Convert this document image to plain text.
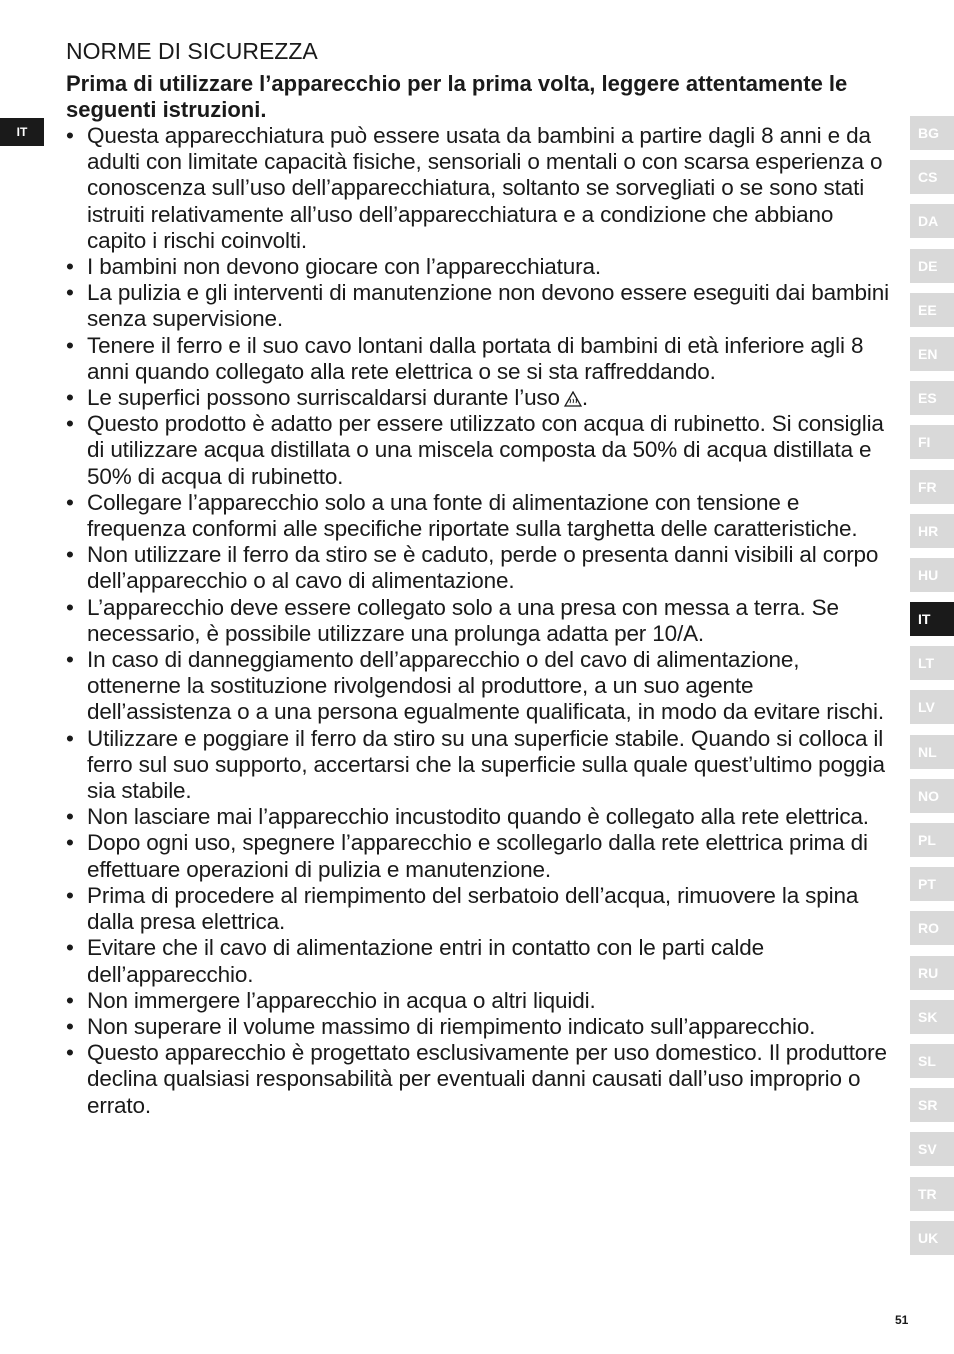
IT
NORME DI SICUREZZA

Prima di utilizzare l’apparecchio per la prima volta, leggere attentamente le seguenti istruzioni.

• Questa apparecchiatura può essere usata da bambini a partire dagli 8 anni e da adulti con limitate capacità fisiche, sensoriali o mentali o con scarsa esperienza o conoscenza sull’uso dell’apparecchiatura, soltanto se sorvegliati o se sono stati istruiti relativamente all’uso dell’apparecchiatura e a condizione che abbiano capito i rischi coinvolti.
• I bambini non devono giocare con l’apparecchiatura.
• La pulizia e gli interventi di manutenzione non devono essere eseguiti dai bambini senza supervisione.
• Tenere il ferro e il suo cavo lontani dalla portata di bambini di età inferiore agli 8 anni quando collegato alla rete elettrica o se si sta raffreddando.
• Le superfici possono surriscaldarsi durante l’uso .
• Questo prodotto è adatto per essere utilizzato con acqua di rubinetto. Si consiglia di utilizzare acqua distillata o una miscela composta da 50% di acqua distillata e 50% di acqua di rubinetto.
• Collegare l’apparecchio solo a una fonte di alimentazione con tensione e frequenza conformi alle specifiche riportate sulla targhetta delle caratteristiche.
• Non utilizzare il ferro da stiro se è caduto, perde o presenta danni visibili al corpo dell’apparecchio o al cavo di alimentazione.
• L’apparecchio deve essere collegato solo a una presa con messa a terra. Se necessario, è possibile utilizzare una prolunga adatta per 10/A.
• In caso di danneggiamento dell’apparecchio o del cavo di alimentazione, ottenerne la sostituzione rivolgendosi al produttore, a un suo agente dell’assistenza o a una persona egualmente qualificata, in modo da evitare rischi.
• Utilizzare e poggiare il ferro da stiro su una superficie stabile. Quando si colloca il ferro sul suo supporto, accertarsi che la superficie sulla quale quest’ultimo poggia sia stabile.
• Non lasciare mai l’apparecchio incustodito quando è collegato alla rete elettrica.
• Dopo ogni uso, spegnere l’apparecchio e scollegarlo dalla rete elettrica prima di effettuare operazioni di pulizia e manutenzione.
• Prima di procedere al riempimento del serbatoio dell’acqua, rimuovere la spina dalla presa elettrica.
• Evitare che il cavo di alimentazione entri in contatto con le parti calde dell’apparecchio.
• Non immergere l’apparecchio in acqua o altri liquidi.
• Non superare il volume massimo di riempimento indicato sull’apparecchio.
• Questo apparecchio è progettato esclusivamente per uso domestico. Il produttore declina qualsiasi responsabilità per eventuali danni causati dall’uso improprio o errato.
BG
CS
DA
DE
EE
EN
ES
FI
FR
HR
HU
IT
LT
LV
NL
NO
PL
PT
RO
RU
SK
SL
SR
SV
TR
UK
51
